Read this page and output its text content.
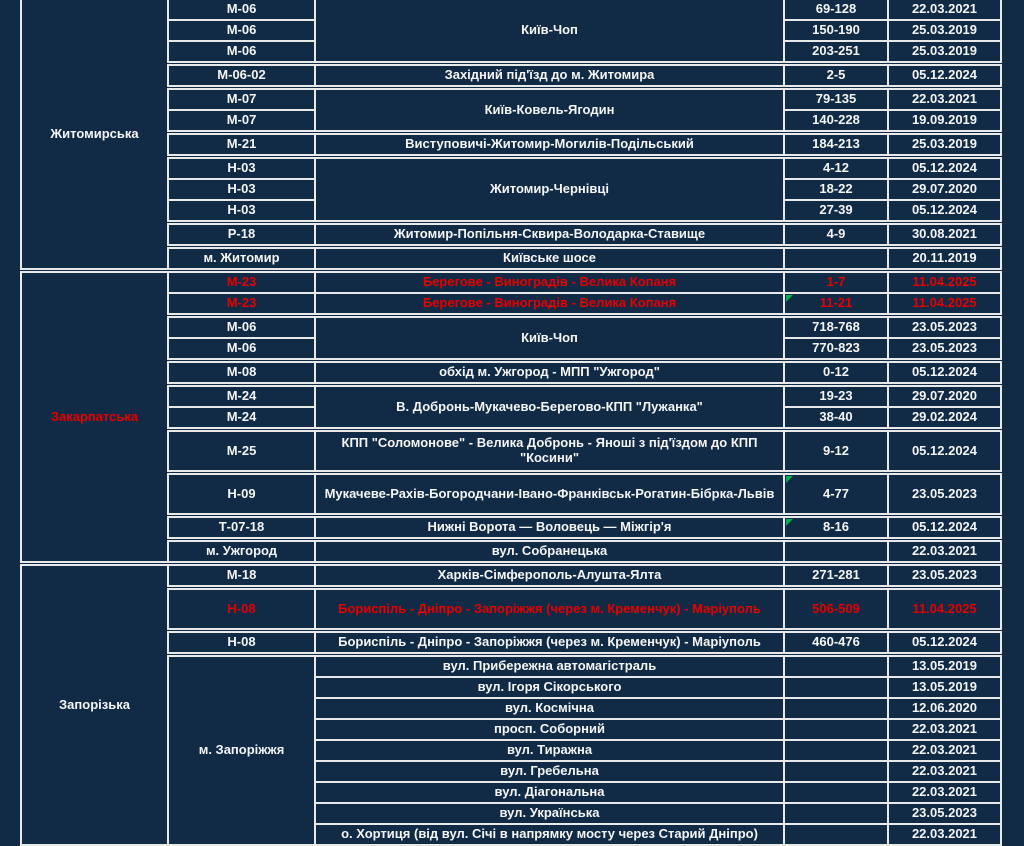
Житомирська	М-06	Київ-Чоп	69-128	22.03.2021
	М-06		150-190	25.03.2019
	М-06		203-251	25.03.2019
	М-06-02	Західний під'їзд до м. Житомира	2-5	05.12.2024
	М-07	Київ-Ковель-Ягодин	79-135	22.03.2021
	М-07		140-228	19.09.2019
	М-21	Виступовичі-Житомир-Могилів-Подільський	184-213	25.03.2019
	Н-03	Житомир-Чернівці	4-12	05.12.2024
	Н-03		18-22	29.07.2020
	Н-03		27-39	05.12.2024
	Р-18	Житомир-Попільня-Сквира-Володарка-Ставище	4-9	30.08.2021
	м. Житомир	Київське шосе		20.11.2019
Закарпатська	М-23	Берегове - Виноградів - Велика Копаня	1-7	11.04.2025
	М-23	Берегове - Виноградів - Велика Копаня	11-21	11.04.2025
	М-06	Київ-Чоп	718-768	23.05.2023
	М-06		770-823	23.05.2023
	М-08	обхід м. Ужгород - МПП "Ужгород"	0-12	05.12.2024
	М-24	В. Добронь-Мукачево-Берегово-КПП "Лужанка"	19-23	29.07.2020
	М-24		38-40	29.02.2024
	М-25	КПП "Соломонове" - Велика Добронь - Яноші з під'їздом до КПП "Косини"	9-12	05.12.2024
	Н-09	Мукачеве-Рахів-Богородчани-Івано-Франківськ-Рогатин-Бібрка-Львів	4-77	23.05.2023
	Т-07-18	Нижні Ворота — Воловець — Міжгір'я	8-16	05.12.2024
	м. Ужгород	вул. Собранецька		22.03.2021
Запорізька	М-18	Харків-Сімферополь-Алушта-Ялта	271-281	23.05.2023
	Н-08	Бориспіль - Дніпро - Запоріжжя (через м. Кременчук) - Маріуполь	506-509	11.04.2025
	Н-08	Бориспіль - Дніпро - Запоріжжя (через м. Кременчук) - Маріуполь	460-476	05.12.2024
	м. Запоріжжя	вул. Прибережна автомагістраль		13.05.2019
		вул. Ігоря Сікорського		13.05.2019
		вул. Космічна		12.06.2020
		просп. Соборний		22.03.2021
		вул. Тиражна		22.03.2021
		вул. Гребельна		22.03.2021
		вул. Діагональна		22.03.2021
		вул. Українська		23.05.2023
		о. Хортиця (від вул. Січі в напрямку мосту через Старий Дніпро)		22.03.2021
